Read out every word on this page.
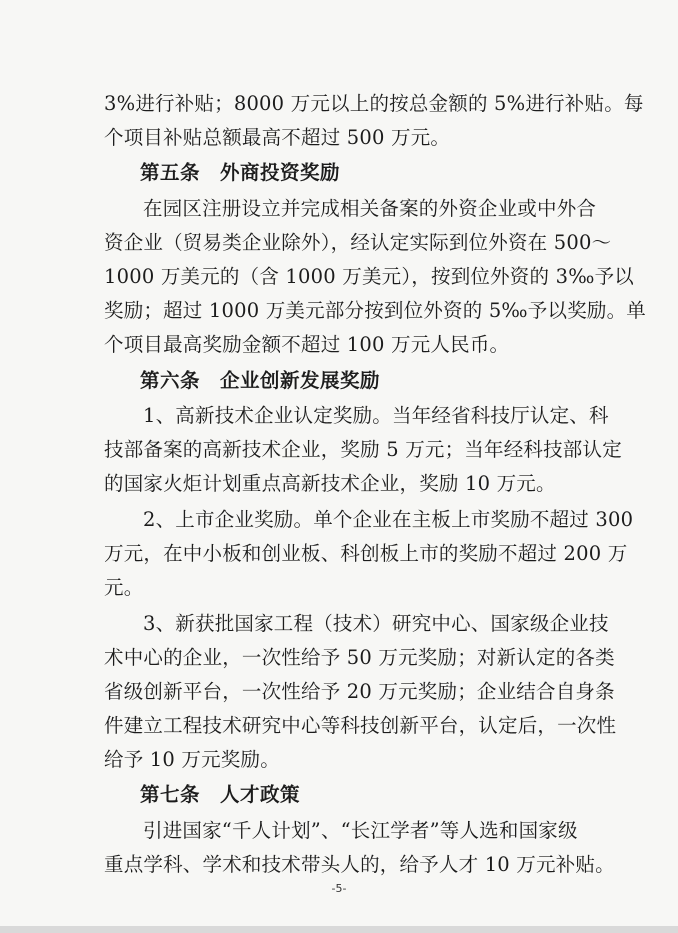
3%进行补贴；8000 万元以上的按总金额的 5%进行补贴。每
个项目补贴总额最高不超过 500 万元。
第五条　外商投资奖励
在园区注册设立并完成相关备案的外资企业或中外合
资企业（贸易类企业除外），经认定实际到位外资在 500～
1000 万美元的（含 1000 万美元），按到位外资的 3‰予以
奖励；超过 1000 万美元部分按到位外资的 5‰予以奖励。单
个项目最高奖励金额不超过 100 万元人民币。
第六条　企业创新发展奖励
1、高新技术企业认定奖励。当年经省科技厅认定、科
技部备案的高新技术企业，奖励 5 万元；当年经科技部认定
的国家火炬计划重点高新技术企业，奖励 10 万元。
2、上市企业奖励。单个企业在主板上市奖励不超过 300
万元，在中小板和创业板、科创板上市的奖励不超过 200 万
元。
3、新获批国家工程（技术）研究中心、国家级企业技
术中心的企业，一次性给予 50 万元奖励；对新认定的各类
省级创新平台，一次性给予 20 万元奖励；企业结合自身条
件建立工程技术研究中心等科技创新平台，认定后，一次性
给予 10 万元奖励。
第七条　人才政策
引进国家“千人计划”、“长江学者”等人选和国家级
重点学科、学术和技术带头人的，给予人才 10 万元补贴。
-5-
